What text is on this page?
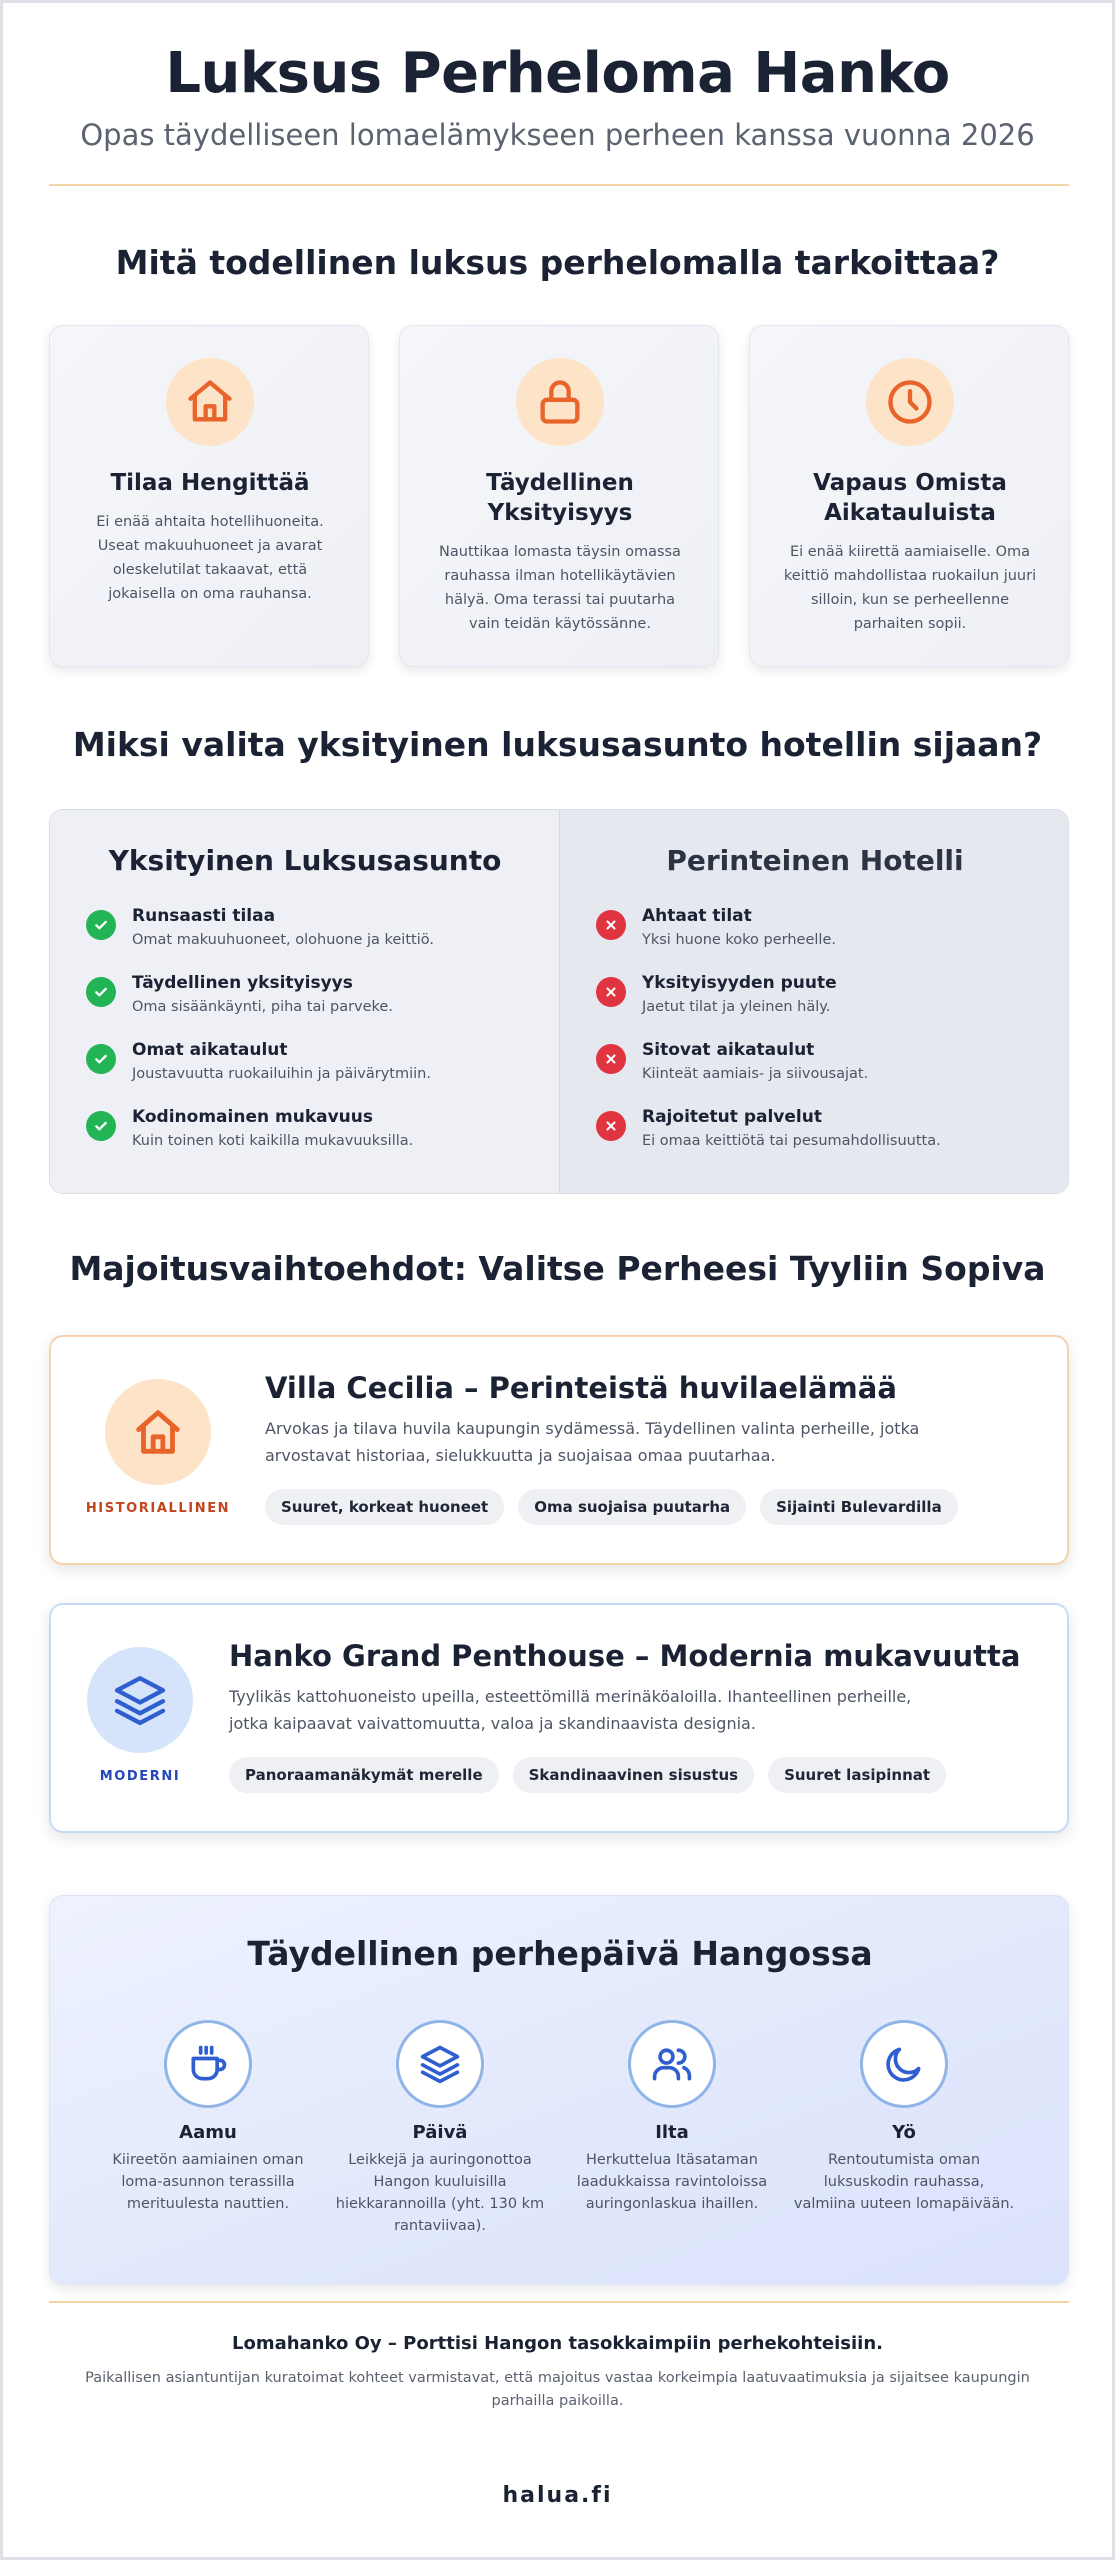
Luksus Perheloma Hanko
Opas täydelliseen lomaelämykseen perheen kanssa vuonna 2026
Mitä todellinen luksus perhelomalla tarkoittaa?
Tilaa Hengittää

Ei enää ahtaita hotellihuoneita. Useat makuuhuoneet ja avarat oleskelutilat takaavat, että jokaisella on oma rauhansa.

Täydellinen Yksityisyys

Nauttikaa lomasta täysin omassa rauhassa ilman hotellikäytävien hälyä. Oma terassi tai puutarha vain teidän käytössänne.

Vapaus Omista Aikatauluista

Ei enää kiirettä aamiaiselle. Oma keittiö mahdollistaa ruokailun juuri silloin, kun se perheellenne parhaiten sopii.

Miksi valita yksityinen luksusasunto hotellin sijaan?
Yksityinen Luksusasunto
Runsaasti tilaa
Omat makuuhuoneet, olohuone ja keittiö.
Täydellinen yksityisyys
Oma sisäänkäynti, piha tai parveke.
Omat aikataulut
Joustavuutta ruokailuihin ja päivärytmiin.
Kodinomainen mukavuus
Kuin toinen koti kaikilla mukavuuksilla.
Perinteinen Hotelli
Ahtaat tilat
Yksi huone koko perheelle.
Yksityisyyden puute
Jaetut tilat ja yleinen häly.
Sitovat aikataulut
Kiinteät aamiais- ja siivousajat.
Rajoitetut palvelut
Ei omaa keittiötä tai pesumahdollisuutta.
Majoitusvaihtoehdot: Valitse Perheesi Tyyliin Sopiva
HISTORIALLINEN
Villa Cecilia – Perinteistä huvilaelämää

Arvokas ja tilava huvila kaupungin sydämessä. Täydellinen valinta perheille, jotka arvostavat historiaa, sielukkuutta ja suojaisaa omaa puutarhaa.

Suuret, korkeat huoneet	Oma suojaisa puutarha	Sijainti Bulevardilla
MODERNI
Hanko Grand Penthouse – Modernia mukavuutta

Tyylikäs kattohuoneisto upeilla, esteettömillä merinäköaloilla. Ihanteellinen perheille, jotka kaipaavat vaivattomuutta, valoa ja skandinaavista designia.

Panoraamanäkymät merelle	Skandinaavinen sisustus	Suuret lasipinnat
Täydellinen perhepäivä Hangossa
Aamu

Kiireetön aamiainen oman loma-asunnon terassilla merituulesta nauttien.

Päivä

Leikkejä ja auringonottoa Hangon kuuluisilla hiekkarannoilla (yht. 130 km rantaviivaa).

Ilta

Herkuttelua Itäsataman laadukkaissa ravintoloissa auringonlaskua ihaillen.

Yö

Rentoutumista oman luksuskodin rauhassa, valmiina uuteen lomapäivään.

Lomahanko Oy – Porttisi Hangon tasokkaimpiin perhekohteisiin.
Paikallisen asiantuntijan kuratoimat kohteet varmistavat, että majoitus vastaa korkeimpia laatuvaatimuksia ja sijaitsee kaupungin parhailla paikoilla.
halua.fi
